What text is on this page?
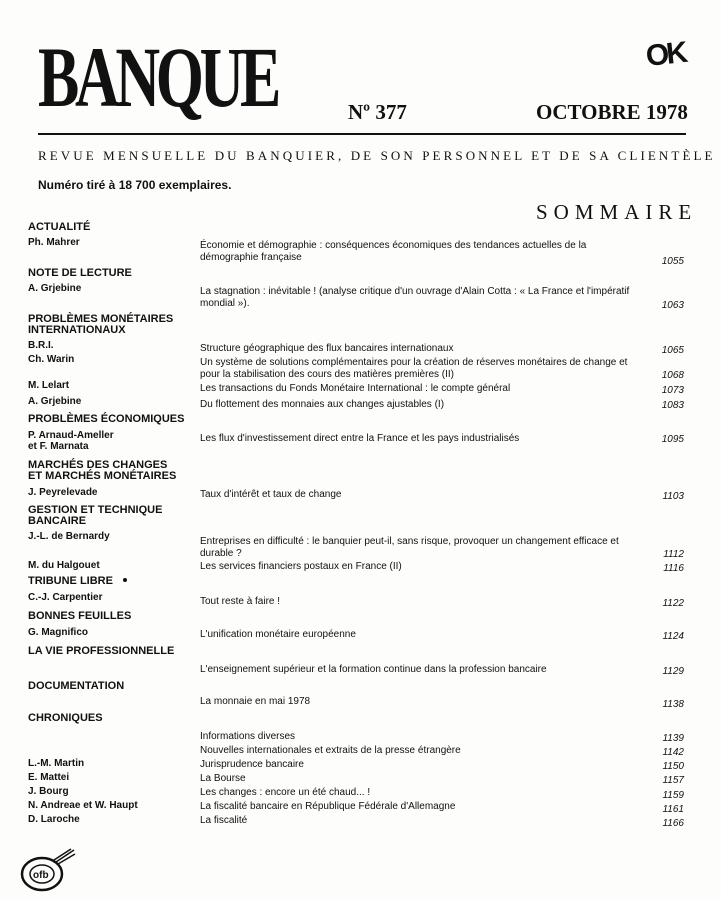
BANQUE	OK
Nº 377	OCTOBRE 1978
REVUE MENSUELLE DU BANQUIER, DE SON PERSONNEL ET DE SA CLIENTÈLE
Numéro tiré à 18 700 exemplaires.
SOMMAIRE
ACTUALITÉ
NOTE DE LECTURE
PROBLÈMES MONÉTAIRES
INTERNATIONAUX
PROBLÈMES ÉCONOMIQUES
MARCHÉS DES CHANGES
ET MARCHÉS MONÉTAIRES
GESTION ET TECHNIQUE
BANCAIRE
TRIBUNE LIBRE
BONNES FEUILLES
LA VIE PROFESSIONNELLE
DOCUMENTATION
CHRONIQUES
Ph. Mahrer
A. Grjebine
B.R.I.
Ch. Warin
M. Lelart
A. Grjebine
P. Arnaud-Ameller
et F. Marnata
J. Peyrelevade
J.-L. de Bernardy
M. du Halgouet
C.-J. Carpentier
G. Magnifico
L.-M. Martin
E. Mattei
J. Bourg
N. Andreae et W. Haupt
D. Laroche
Économie et démographie : conséquences économiques des tendances actuelles de la démographie française
La stagnation : inévitable ! (analyse critique d'un ouvrage d'Alain Cotta : « La France et l'impératif mondial »).
Structure géographique des flux bancaires internationaux
Un système de solutions complémentaires pour la création de réserves monétaires de change et pour la stabilisation des cours des matières premières (II)
Les transactions du Fonds Monétaire International : le compte général
Du flottement des monnaies aux changes ajustables (I)
Les flux d'investissement direct entre la France et les pays industrialisés
Taux d'intérêt et taux de change
Entreprises en difficulté : le banquier peut-il, sans risque, provoquer un changement efficace et durable ?
Les services financiers postaux en France (II)
Tout reste à faire !
L'unification monétaire européenne
L'enseignement supérieur et la formation continue dans la profession bancaire
La monnaie en mai 1978
Informations diverses
Nouvelles internationales et extraits de la presse étrangère
Jurisprudence bancaire
La Bourse
Les changes : encore un été chaud... !
La fiscalité bancaire en République Fédérale d'Allemagne
La fiscalité
1055
1063
1065
1068
1073
1083
1095
1103
1112
1116
1122
1124
1129
1138
1139
1142
1150
1157
1159
1161
1166
ofb
